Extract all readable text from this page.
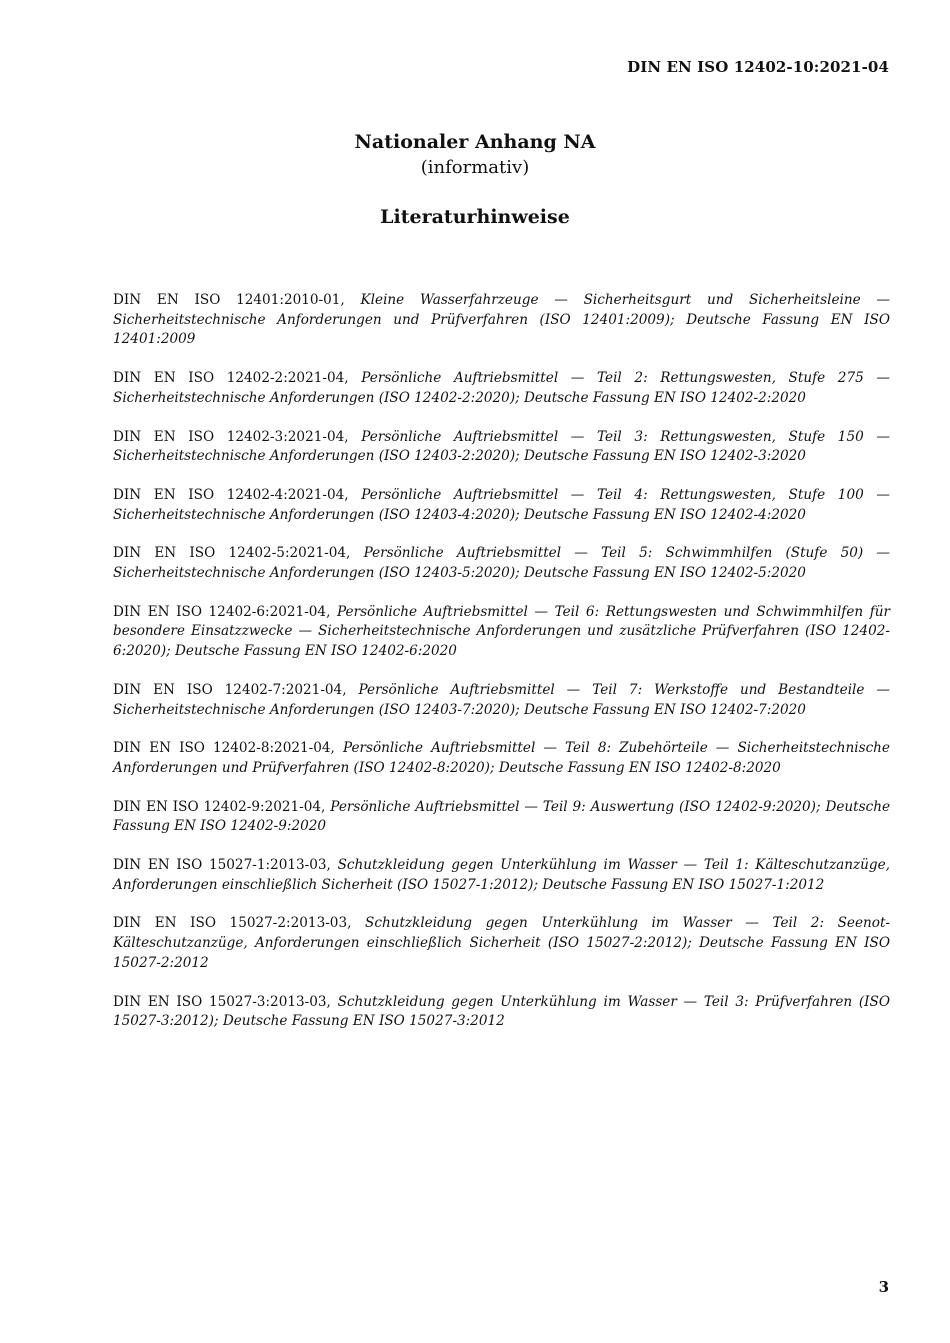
DIN EN ISO 12402-10:2021-04
Nationaler Anhang NA
(informativ)
Literaturhinweise
DIN EN ISO 12401:2010-01, Kleine Wasserfahrzeuge — Sicherheitsgurt und Sicherheitsleine — Sicherheitstechnische Anforderungen und Prüfverfahren (ISO 12401:2009); Deutsche Fassung EN ISO 12401:2009
DIN EN ISO 12402-2:2021-04, Persönliche Auftriebsmittel — Teil 2: Rettungswesten, Stufe 275 — Sicherheitstechnische Anforderungen (ISO 12402-2:2020); Deutsche Fassung EN ISO 12402-2:2020
DIN EN ISO 12402-3:2021-04, Persönliche Auftriebsmittel — Teil 3: Rettungswesten, Stufe 150 — Sicherheitstechnische Anforderungen (ISO 12403-2:2020); Deutsche Fassung EN ISO 12402-3:2020
DIN EN ISO 12402-4:2021-04, Persönliche Auftriebsmittel — Teil 4: Rettungswesten, Stufe 100 — Sicherheitstechnische Anforderungen (ISO 12403-4:2020); Deutsche Fassung EN ISO 12402-4:2020
DIN EN ISO 12402-5:2021-04, Persönliche Auftriebsmittel — Teil 5: Schwimmhilfen (Stufe 50) — Sicherheitstechnische Anforderungen (ISO 12403-5:2020); Deutsche Fassung EN ISO 12402-5:2020
DIN EN ISO 12402-6:2021-04, Persönliche Auftriebsmittel — Teil 6: Rettungswesten und Schwimmhilfen für besondere Einsatzzwecke — Sicherheitstechnische Anforderungen und zusätzliche Prüfverfahren (ISO 12402-6:2020); Deutsche Fassung EN ISO 12402-6:2020
DIN EN ISO 12402-7:2021-04, Persönliche Auftriebsmittel — Teil 7: Werkstoffe und Bestandteile — Sicherheitstechnische Anforderungen (ISO 12403-7:2020); Deutsche Fassung EN ISO 12402-7:2020
DIN EN ISO 12402-8:2021-04, Persönliche Auftriebsmittel — Teil 8: Zubehörteile — Sicherheitstechnische Anforderungen und Prüfverfahren (ISO 12402-8:2020); Deutsche Fassung EN ISO 12402-8:2020
DIN EN ISO 12402-9:2021-04, Persönliche Auftriebsmittel — Teil 9: Auswertung (ISO 12402-9:2020); Deutsche Fassung EN ISO 12402-9:2020
DIN EN ISO 15027-1:2013-03, Schutzkleidung gegen Unterkühlung im Wasser — Teil 1: Kälteschutzanzüge, Anforderungen einschließlich Sicherheit (ISO 15027-1:2012); Deutsche Fassung EN ISO 15027-1:2012
DIN EN ISO 15027-2:2013-03, Schutzkleidung gegen Unterkühlung im Wasser — Teil 2: Seenot-Kälteschutzanzüge, Anforderungen einschließlich Sicherheit (ISO 15027-2:2012); Deutsche Fassung EN ISO 15027-2:2012
DIN EN ISO 15027-3:2013-03, Schutzkleidung gegen Unterkühlung im Wasser — Teil 3: Prüfverfahren (ISO 15027-3:2012); Deutsche Fassung EN ISO 15027-3:2012
3
